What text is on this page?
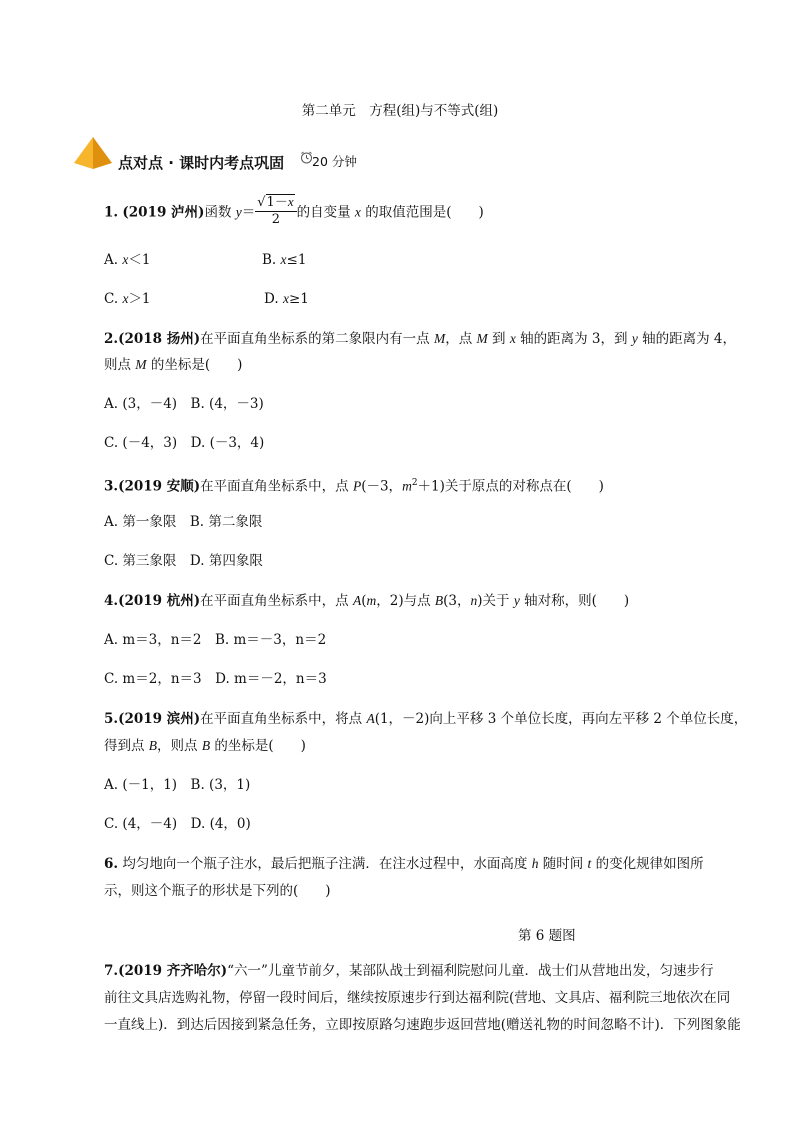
第二单元　方程(组)与不等式(组)
点对点 · 课时内考点巩固 20 分钟
1. (2019 泸州)函数 $y= \frac{√1-x}{2}$ 的自变量 x 的取值范围是(　　)
A. x＜1	B. x≤1
C. x＞1	D. x≥1
2.(2018 扬州)在平面直角坐标系的第二象限内有一点 M，点 M 到 x 轴的距离为 3，到 y 轴的距离为 4，
则点 M 的坐标是(　　)
A. (3，－4)　B. (4，－3)
C. (－4，3)　D. (－3，4)
3.(2019 安顺)在平面直角坐标系中，点 P(－3，$m^2+1$)关于原点的对称点在(　　)
A. 第一象限　B. 第二象限
C. 第三象限　D. 第四象限
4.(2019 杭州)在平面直角坐标系中，点 A(m，2)与点 B(3，n)关于 y 轴对称，则(　　)
A. m＝3，n＝2　B. m＝－3，n＝2
C. m＝2，n＝3　D. m＝－2，n＝3
5.(2019 滨州)在平面直角坐标系中，将点 A(1，－2)向上平移 3 个单位长度，再向左平移 2 个单位长度，
得到点 B，则点 B 的坐标是(　　)
A. (－1，1)　B. (3，1)
C. (4，－4)　D. (4，0)
6. 均匀地向一个瓶子注水，最后把瓶子注满．在注水过程中，水面高度 h 随时间 t 的变化规律如图所
示，则这个瓶子的形状是下列的(　　)
第 6 题图
7.(2019 齐齐哈尔)“六一”儿童节前夕，某部队战士到福利院慰问儿童．战士们从营地出发，匀速步行
前往文具店选购礼物，停留一段时间后，继续按原速步行到达福利院(营地、文具店、福利院三地依次在同
一直线上)．到达后因接到紧急任务，立即按原路匀速跑步返回营地(赠送礼物的时间忽略不计)．下列图象能
